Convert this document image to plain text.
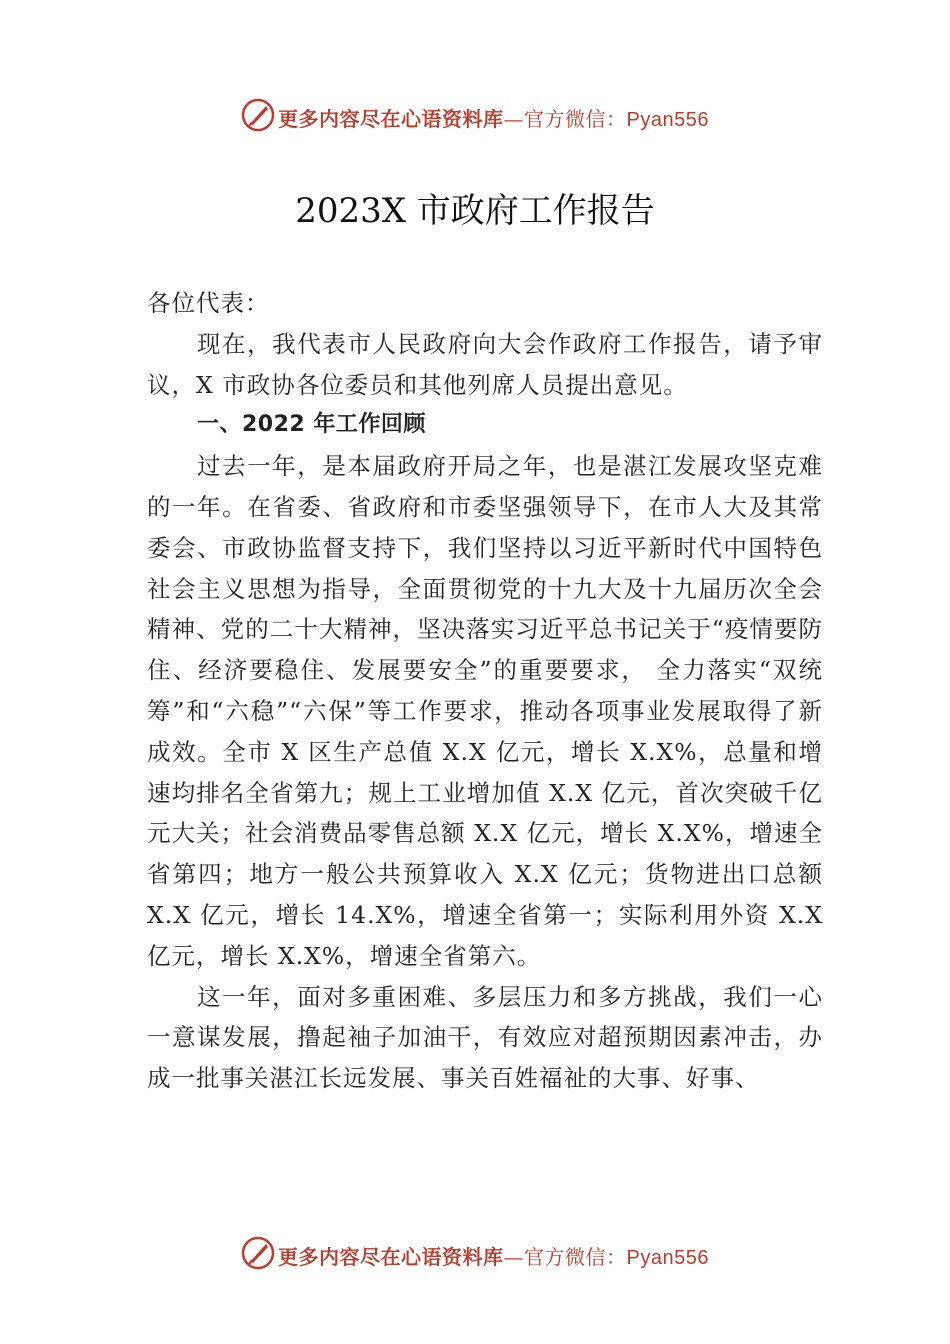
更多内容尽在心语资料库—官方微信：Pyan556
2023X 市政府工作报告

各位代表：

现在，我代表市人民政府向大会作政府工作报告，请予审议，X 市政协各位委员和其他列席人员提出意见。

一、2022 年工作回顾

过去一年，是本届政府开局之年，也是湛江发展攻坚克难的一年。在省委、省政府和市委坚强领导下，在市人大及其常委会、市政协监督支持下，我们坚持以习近平新时代中国特色社会主义思想为指导，全面贯彻党的十九大及十九届历次全会精神、党的二十大精神，坚决落实习近平总书记关于“疫情要防住、经济要稳住、发展要安全”的重要要求， 全力落实“双统筹”和“六稳”“六保”等工作要求，推动各项事业发展取得了新成效。全市 X 区生产总值 X.X 亿元，增长 X.X%，总量和增速均排名全省第九；规上工业增加值 X.X 亿元，首次突破千亿元大关；社会消费品零售总额 X.X 亿元，增长 X.X%，增速全省第四；地方一般公共预算收入 X.X 亿元；货物进出口总额 X.X 亿元，增长 14.X%，增速全省第一；实际利用外资 X.X 亿元，增长 X.X%，增速全省第六。

这一年，面对多重困难、多层压力和多方挑战，我们一心一意谋发展，撸起袖子加油干，有效应对超预期因素冲击，办成一批事关湛江长远发展、事关百姓福祉的大事、好事、

更多内容尽在心语资料库—官方微信：Pyan556
